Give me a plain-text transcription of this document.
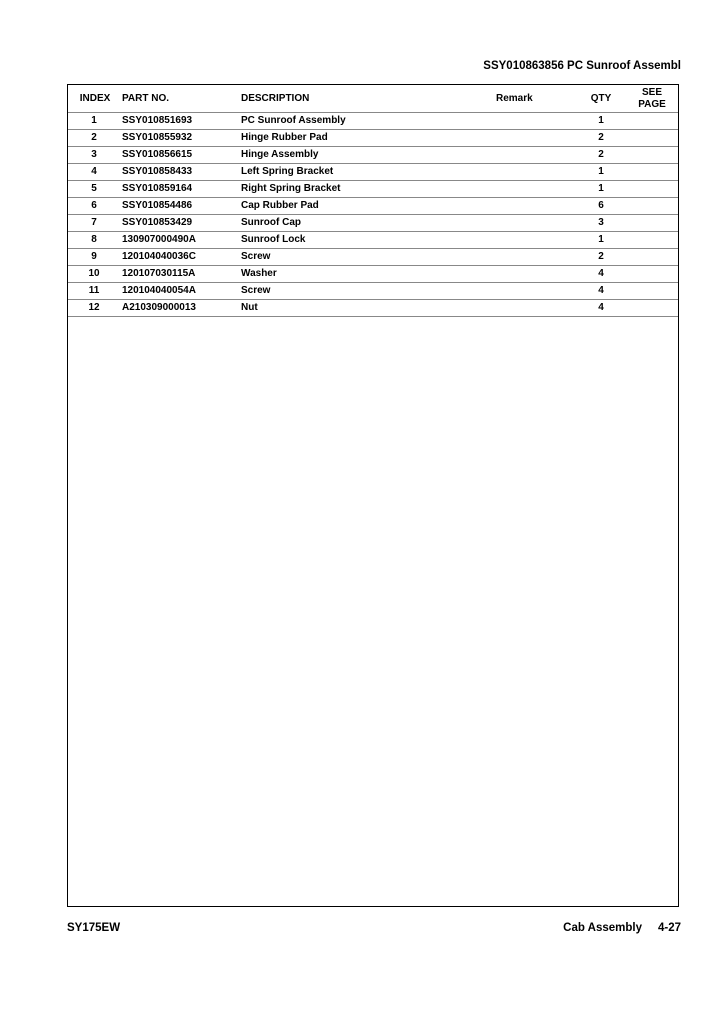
SSY010863856 PC Sunroof Assembl
INDEX	PART NO.	DESCRIPTION	Remark	QTY	SEE PAGE
1	SSY010851693	PC Sunroof Assembly		1	
2	SSY010855932	Hinge Rubber Pad		2	
3	SSY010856615	Hinge Assembly		2	
4	SSY010858433	Left Spring Bracket		1	
5	SSY010859164	Right Spring Bracket		1	
6	SSY010854486	Cap Rubber Pad		6	
7	SSY010853429	Sunroof Cap		3	
8	130907000490A	Sunroof Lock		1	
9	120104040036C	Screw		2	
10	120107030115A	Washer		4	
11	120104040054A	Screw		4	
12	A210309000013	Nut		4	
SY175EW	Cab Assembly 4-27
